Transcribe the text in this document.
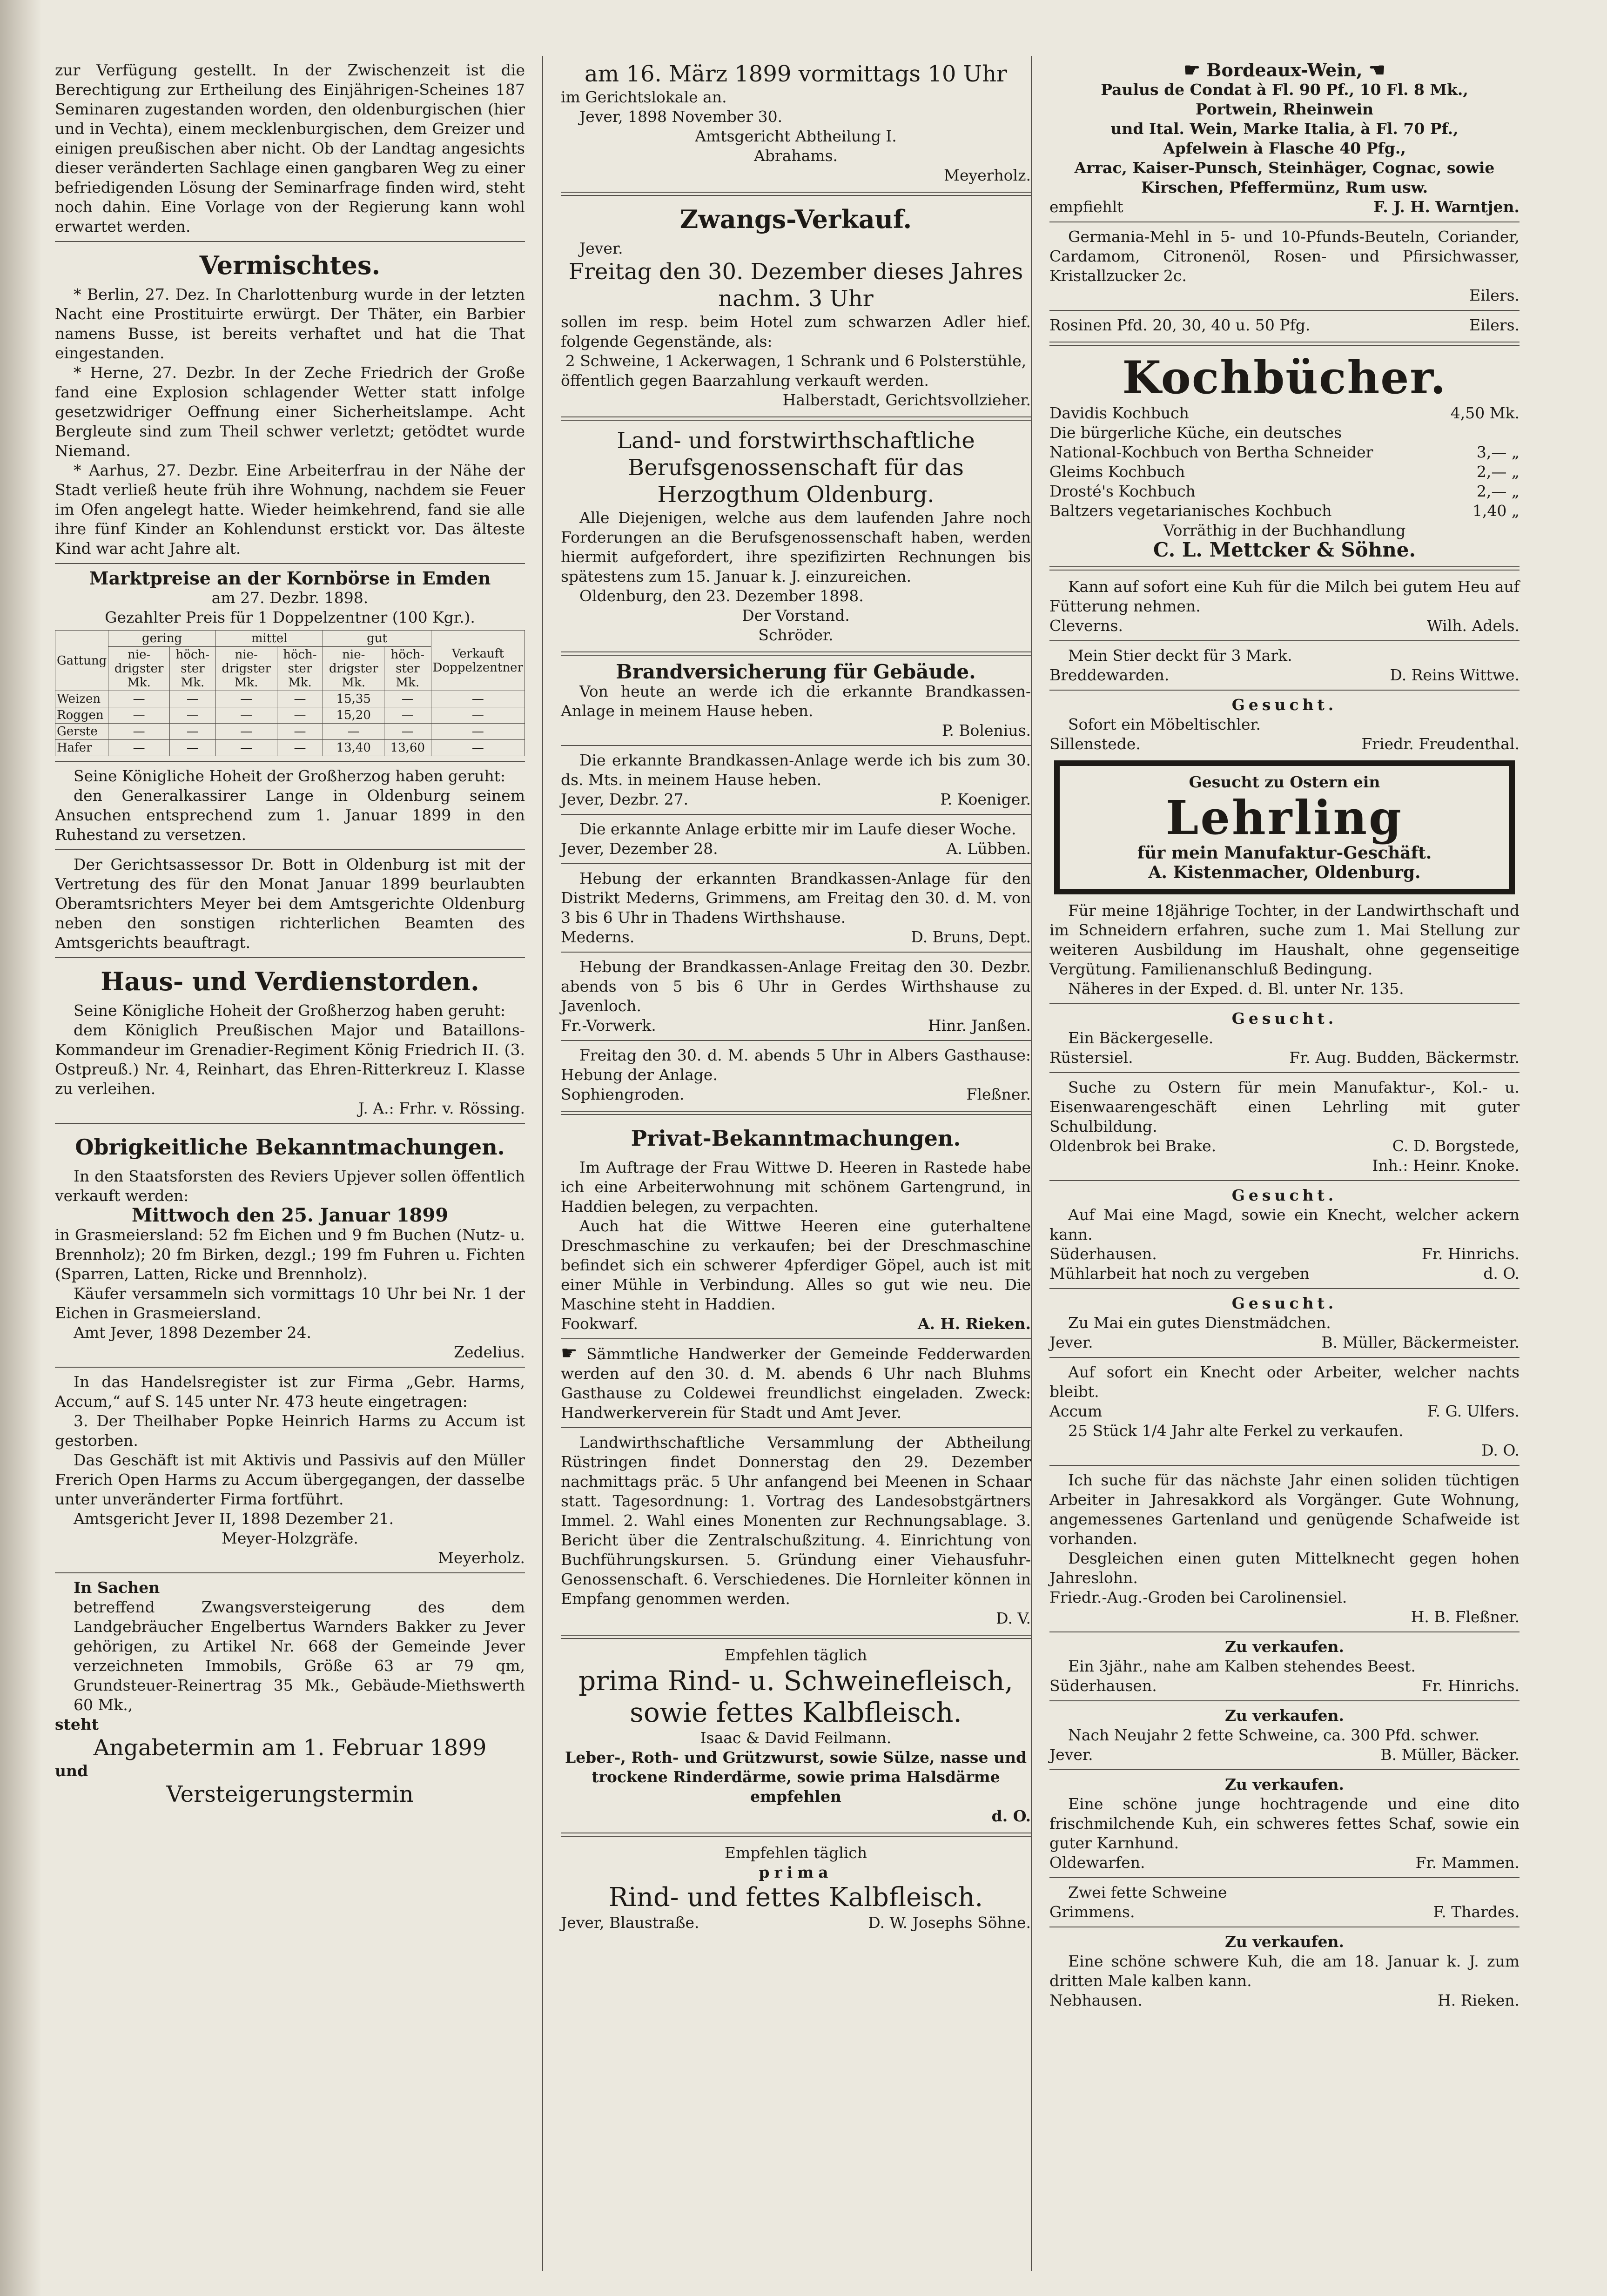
zur Verfügung gestellt. In der Zwischenzeit ist die Berechtigung zur Ertheilung des Einjährigen-Scheines 187 Seminaren zugestanden worden, den oldenburgischen (hier und in Vechta), einem mecklenburgischen, dem Greizer und einigen preußischen aber nicht. Ob der Landtag angesichts dieser veränderten Sachlage einen gangbaren Weg zu einer befriedigenden Lösung der Seminarfrage finden wird, steht noch dahin. Eine Vorlage von der Regierung kann wohl erwartet werden.

Vermischtes.

* Berlin, 27. Dez. In Charlottenburg wurde in der letzten Nacht eine Prostituirte erwürgt. Der Thäter, ein Barbier namens Busse, ist bereits verhaftet und hat die That eingestanden.

* Herne, 27. Dezbr. In der Zeche Friedrich der Große fand eine Explosion schlagender Wetter statt infolge gesetzwidriger Oeffnung einer Sicherheitslampe. Acht Bergleute sind zum Theil schwer verletzt; getödtet wurde Niemand.

* Aarhus, 27. Dezbr. Eine Arbeiterfrau in der Nähe der Stadt verließ heute früh ihre Wohnung, nachdem sie Feuer im Ofen angelegt hatte. Wieder heimkehrend, fand sie alle ihre fünf Kinder an Kohlendunst erstickt vor. Das älteste Kind war acht Jahre alt.

Marktpreise an der Kornbörse in Emden
am 27. Dezbr. 1898.
Gezahlter Preis für 1 Doppelzentner (100 Kgr.).
Gattung	gering		mittel		gut		Verkauft Doppelzentner
	nie-drigster Mk.	höch-ster Mk.	nie-drigster Mk.	höch-ster Mk.	nie-drigster Mk.	höch-ster Mk.	
Weizen	—	—	—	—	15,35	—	—
Roggen	—	—	—	—	15,20	—	—
Gerste	—	—	—	—	—	—	—
Hafer	—	—	—	—	13,40	13,60	—

Seine Königliche Hoheit der Großherzog haben geruht:

den Generalkassirer Lange in Oldenburg seinem Ansuchen entsprechend zum 1. Januar 1899 in den Ruhestand zu versetzen.

Der Gerichtsassessor Dr. Bott in Oldenburg ist mit der Vertretung des für den Monat Januar 1899 beurlaubten Oberamtsrichters Meyer bei dem Amtsgerichte Oldenburg neben den sonstigen richterlichen Beamten des Amtsgerichts beauftragt.

Haus- und Verdienstorden.

Seine Königliche Hoheit der Großherzog haben geruht:

dem Königlich Preußischen Major und Bataillons-Kommandeur im Grenadier-Regiment König Friedrich II. (3. Ostpreuß.) Nr. 4, Reinhart, das Ehren-Ritterkreuz I. Klasse zu verleihen.

J. A.: Frhr. v. Rössing.
Obrigkeitliche Bekanntmachungen.

In den Staatsforsten des Reviers Upjever sollen öffentlich verkauft werden:

Mittwoch den 25. Januar 1899

in Grasmeiersland: 52 fm Eichen und 9 fm Buchen (Nutz- u. Brennholz); 20 fm Birken, dezgl.; 199 fm Fuhren u. Fichten (Sparren, Latten, Ricke und Brennholz).

Käufer versammeln sich vormittags 10 Uhr bei Nr. 1 der Eichen in Grasmeiersland.

Amt Jever, 1898 Dezember 24.

Zedelius.

In das Handelsregister ist zur Firma „Gebr. Harms, Accum,“ auf S. 145 unter Nr. 473 heute eingetragen:

3. Der Theilhaber Popke Heinrich Harms zu Accum ist gestorben.

Das Geschäft ist mit Aktivis und Passivis auf den Müller Frerich Open Harms zu Accum übergegangen, der dasselbe unter unveränderter Firma fortführt.

Amtsgericht Jever II, 1898 Dezember 21.

Meyer-Holzgräfe.
Meyerholz.

In Sachen

betreffend Zwangsversteigerung des dem Landgebräucher Engelbertus Warnders Bakker zu Jever gehörigen, zu Artikel Nr. 668 der Gemeinde Jever verzeichneten Immobils, Größe 63 ar 79 qm, Grundsteuer-Reinertrag 35 Mk., Gebäude-Miethswerth 60 Mk.,

steht
Angabetermin am 1. Februar 1899
und
Versteigerungstermin
am 16. März 1899 vormittags 10 Uhr
im Gerichtslokale an.
Jever, 1898 November 30.
Amtsgericht Abtheilung I.
Abrahams.
Meyerholz.
Zwangs-Verkauf.
Jever.
Freitag den 30. Dezember dieses Jahres nachm. 3 Uhr

sollen im resp. beim Hotel zum schwarzen Adler hief. folgende Gegenstände, als:

2 Schweine, 1 Ackerwagen, 1 Schrank und 6 Polsterstühle,

öffentlich gegen Baarzahlung verkauft werden.

Halberstadt, Gerichtsvollzieher.
Land- und forstwirthschaftliche Berufsgenossenschaft für das Herzogthum Oldenburg.

Alle Diejenigen, welche aus dem laufenden Jahre noch Forderungen an die Berufsgenossenschaft haben, werden hiermit aufgefordert, ihre spezifizirten Rechnungen bis spätestens zum 15. Januar k. J. einzureichen.

Oldenburg, den 23. Dezember 1898.

Der Vorstand.
Schröder.
Brandversicherung für Gebäude.

Von heute an werde ich die erkannte Brandkassen-Anlage in meinem Hause heben.

P. Bolenius.

Die erkannte Brandkassen-Anlage werde ich bis zum 30. ds. Mts. in meinem Hause heben.

Jever, Dezbr. 27.	P. Koeniger.

Die erkannte Anlage erbitte mir im Laufe dieser Woche.

Jever, Dezember 28.	A. Lübben.

Hebung der erkannten Brandkassen-Anlage für den Distrikt Mederns, Grimmens, am Freitag den 30. d. M. von 3 bis 6 Uhr in Thadens Wirthshause.

Mederns.	D. Bruns, Dept.

Hebung der Brandkassen-Anlage Freitag den 30. Dezbr. abends von 5 bis 6 Uhr in Gerdes Wirthshause zu Javenloch.

Fr.-Vorwerk.	Hinr. Janßen.

Freitag den 30. d. M. abends 5 Uhr in Albers Gasthause: Hebung der Anlage.

Sophiengroden.	Fleßner.
Privat-Bekanntmachungen.

Im Auftrage der Frau Wittwe D. Heeren in Rastede habe ich eine Arbeiterwohnung mit schönem Gartengrund, in Haddien belegen, zu verpachten.

Auch hat die Wittwe Heeren eine guterhaltene Dreschmaschine zu verkaufen; bei der Dreschmaschine befindet sich ein schwerer 4pferdiger Göpel, auch ist mit einer Mühle in Verbindung. Alles so gut wie neu. Die Maschine steht in Haddien.

Fookwarf.	A. H. Rieken.

☛ Sämmtliche Handwerker der Gemeinde Fedderwarden werden auf den 30. d. M. abends 6 Uhr nach Bluhms Gasthause zu Coldewei freundlichst eingeladen. Zweck: Handwerkerverein für Stadt und Amt Jever.

Landwirthschaftliche Versammlung der Abtheilung Rüstringen findet Donnerstag den 29. Dezember nachmittags präc. 5 Uhr anfangend bei Meenen in Schaar statt. Tagesordnung: 1. Vortrag des Landesobstgärtners Immel. 2. Wahl eines Monenten zur Rechnungsablage. 3. Bericht über die Zentralschußzitung. 4. Einrichtung von Buchführungskursen. 5. Gründung einer Viehausfuhr-Genossenschaft. 6. Verschiedenes. Die Hornleiter können in Empfang genommen werden.

D. V.
Empfehlen täglich
prima Rind- u. Schweinefleisch,
sowie fettes Kalbfleisch.
Isaac & David Feilmann.

Leber-, Roth- und Grützwurst, sowie Sülze, nasse und trockene Rinderdärme, sowie prima Halsdärme empfehlen

d. O.
Empfehlen täglich
prima
Rind- und fettes Kalbfleisch.
Jever, Blaustraße.	D. W. Josephs Söhne.
☛ Bordeaux-Wein, ☚
Paulus de Condat à Fl. 90 Pf., 10 Fl. 8 Mk.,
Portwein, Rheinwein
und Ital. Wein, Marke Italia, à Fl. 70 Pf.,
Apfelwein à Flasche 40 Pfg.,

Arrac, Kaiser-Punsch, Steinhäger, Cognac, sowie Kirschen, Pfeffermünz, Rum usw.

empfiehlt	F. J. H. Warntjen.

Germania-Mehl in 5- und 10-Pfunds-Beuteln, Coriander, Cardamom, Citronenöl, Rosen- und Pfirsichwasser, Kristallzucker 2c.

Eilers.
Rosinen Pfd. 20, 30, 40 u. 50 Pfg.	Eilers.
Kochbücher.
Davidis Kochbuch	4,50 Mk.
Die bürgerliche Küche, ein deutsches National-Kochbuch von Bertha Schneider	3,— „
Gleims Kochbuch	2,— „
Drosté's Kochbuch	2,— „
Baltzers vegetarianisches Kochbuch	1,40 „
Vorräthig in der Buchhandlung
C. L. Mettcker & Söhne.

Kann auf sofort eine Kuh für die Milch bei gutem Heu auf Fütterung nehmen.

Cleverns.	Wilh. Adels.

Mein Stier deckt für 3 Mark.

Breddewarden.	D. Reins Wittwe.
Gesucht.

Sofort ein Möbeltischler.

Sillenstede.	Friedr. Freudenthal.
Gesucht zu Ostern ein
Lehrling
für mein Manufaktur-Geschäft.
A. Kistenmacher, Oldenburg.

Für meine 18jährige Tochter, in der Landwirthschaft und im Schneidern erfahren, suche zum 1. Mai Stellung zur weiteren Ausbildung im Haushalt, ohne gegenseitige Vergütung. Familienanschluß Bedingung.

Näheres in der Exped. d. Bl. unter Nr. 135.

Gesucht.

Ein Bäckergeselle.

Rüstersiel.	Fr. Aug. Budden, Bäckermstr.

Suche zu Ostern für mein Manufaktur-, Kol.- u. Eisenwaarengeschäft einen Lehrling mit guter Schulbildung.

Oldenbrok bei Brake.	C. D. Borgstede,
Inh.: Heinr. Knoke.
Gesucht.

Auf Mai eine Magd, sowie ein Knecht, welcher ackern kann.

Süderhausen.	Fr. Hinrichs.
Mühlarbeit hat noch zu vergeben	d. O.
Gesucht.

Zu Mai ein gutes Dienstmädchen.

Jever.	B. Müller, Bäckermeister.

Auf sofort ein Knecht oder Arbeiter, welcher nachts bleibt.

Accum	F. G. Ulfers.

25 Stück 1/4 Jahr alte Ferkel zu verkaufen.

D. O.

Ich suche für das nächste Jahr einen soliden tüchtigen Arbeiter in Jahresakkord als Vorgänger. Gute Wohnung, angemessenes Gartenland und genügende Schafweide ist vorhanden.

Desgleichen einen guten Mittelknecht gegen hohen Jahreslohn.

Friedr.-Aug.-Groden bei Carolinensiel.
H. B. Fleßner.
Zu verkaufen.

Ein 3jähr., nahe am Kalben stehendes Beest.

Süderhausen.	Fr. Hinrichs.
Zu verkaufen.

Nach Neujahr 2 fette Schweine, ca. 300 Pfd. schwer.

Jever.	B. Müller, Bäcker.
Zu verkaufen.

Eine schöne junge hochtragende und eine dito frischmilchende Kuh, ein schweres fettes Schaf, sowie ein guter Karnhund.

Oldewarfen.	Fr. Mammen.

Zwei fette Schweine

Grimmens.	F. Thardes.
Zu verkaufen.

Eine schöne schwere Kuh, die am 18. Januar k. J. zum dritten Male kalben kann.

Nebhausen.	H. Rieken.
